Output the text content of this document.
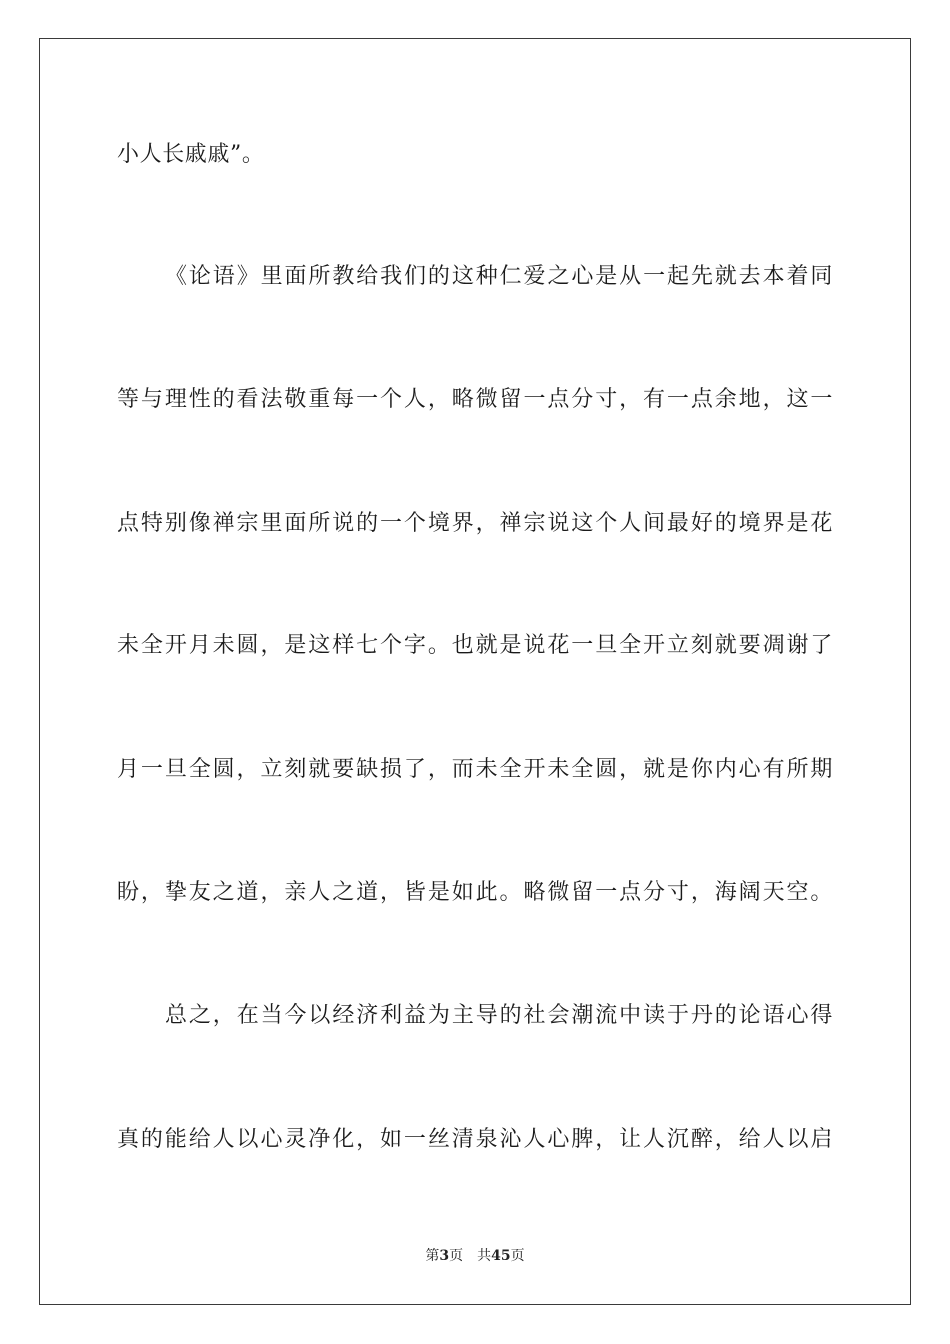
小人长戚戚”。
《论语》里面所教给我们的这种仁爱之心是从一起先就去本着同
等与理性的看法敬重每一个人，略微留一点分寸，有一点余地，这一
点特别像禅宗里面所说的一个境界，禅宗说这个人间最好的境界是花
未全开月未圆，是这样七个字。也就是说花一旦全开立刻就要凋谢了
月一旦全圆，立刻就要缺损了，而未全开未全圆，就是你内心有所期
盼，挚友之道，亲人之道，皆是如此。略微留一点分寸，海阔天空。
总之，在当今以经济利益为主导的社会潮流中读于丹的论语心得
真的能给人以心灵净化，如一丝清泉沁人心脾，让人沉醉，给人以启
第3页 共45页
